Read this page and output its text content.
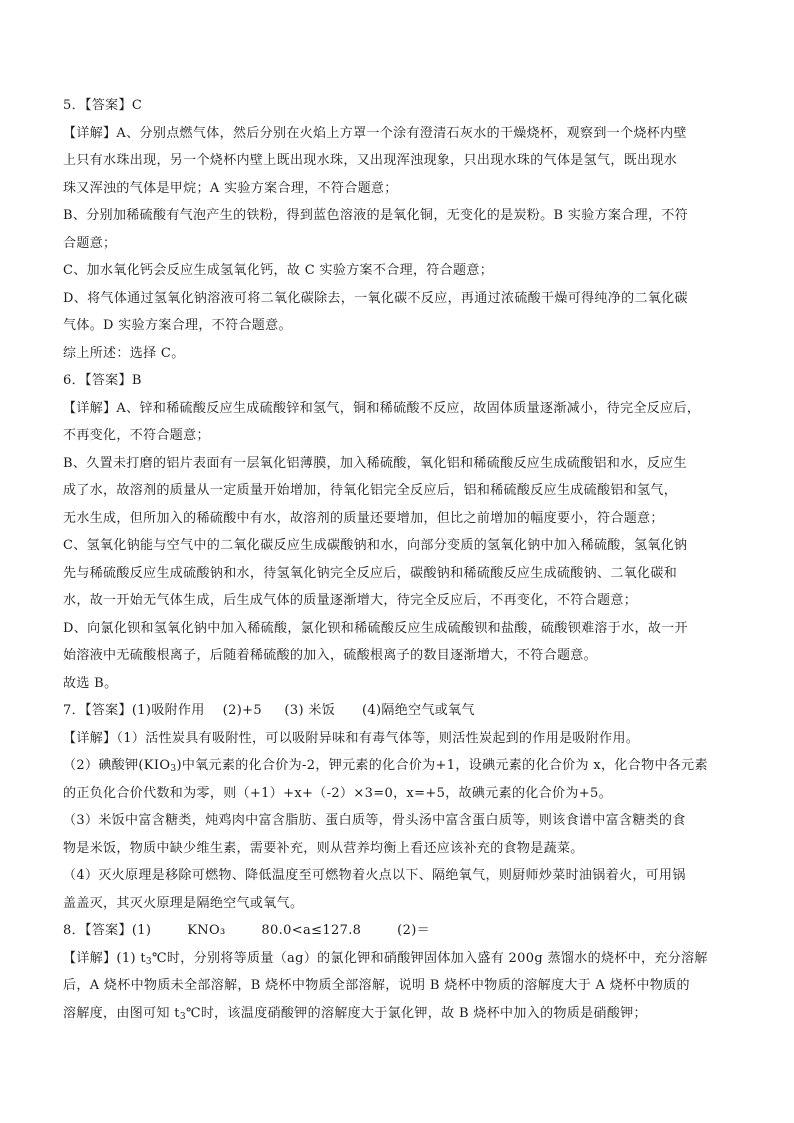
5．【答案】C
【详解】A、分别点燃气体，然后分别在火焰上方罩一个涂有澄清石灰水的干燥烧杯，观察到一个烧杯内壁
上只有水珠出现，另一个烧杯内壁上既出现水珠，又出现浑浊现象，只出现水珠的气体是氢气，既出现水
珠又浑浊的气体是甲烷；A 实验方案合理，不符合题意；
B、分别加稀硫酸有气泡产生的铁粉，得到蓝色溶液的是氧化铜，无变化的是炭粉。B 实验方案合理，不符
合题意；
C、加水氧化钙会反应生成氢氧化钙，故 C 实验方案不合理，符合题意；
D、将气体通过氢氧化钠溶液可将二氧化碳除去，一氧化碳不反应，再通过浓硫酸干燥可得纯净的二氧化碳
气体。D 实验方案合理，不符合题意。
综上所述：选择 C。
6．【答案】B
【详解】A、锌和稀硫酸反应生成硫酸锌和氢气，铜和稀硫酸不反应，故固体质量逐渐减小，待完全反应后，
不再变化，不符合题意；
B、久置未打磨的铝片表面有一层氧化铝薄膜，加入稀硫酸，氧化铝和稀硫酸反应生成硫酸铝和水，反应生
成了水，故溶剂的质量从一定质量开始增加，待氧化铝完全反应后，铝和稀硫酸反应生成硫酸铝和氢气，
无水生成，但所加入的稀硫酸中有水，故溶剂的质量还要增加，但比之前增加的幅度要小，符合题意；
C、氢氧化钠能与空气中的二氧化碳反应生成碳酸钠和水，向部分变质的氢氧化钠中加入稀硫酸，氢氧化钠
先与稀硫酸反应生成硫酸钠和水，待氢氧化钠完全反应后，碳酸钠和稀硫酸反应生成硫酸钠、二氧化碳和
水，故一开始无气体生成，后生成气体的质量逐渐增大，待完全反应后，不再变化，不符合题意；
D、向氯化钡和氢氧化钠中加入稀硫酸，氯化钡和稀硫酸反应生成硫酸钡和盐酸，硫酸钡难溶于水，故一开
始溶液中无硫酸根离子，后随着稀硫酸的加入，硫酸根离子的数目逐渐增大，不符合题意。
故选 B。
7．【答案】(1)吸附作用    (2)+5     (3) 米饭      (4)隔绝空气或氧气
【详解】（1）活性炭具有吸附性，可以吸附异味和有毒气体等，则活性炭起到的作用是吸附作用。
（2）碘酸钾$(KIO_3)$中氧元素的化合价为-2，钾元素的化合价为+1，设碘元素的化合价为 x，化合物中各元素
的正负化合价代数和为零，则（+1）+x+（-2）×3=0，x=+5，故碘元素的化合价为+5。
（3）米饭中富含糖类，炖鸡肉中富含脂肪、蛋白质等，骨头汤中富含蛋白质等，则该食谱中富含糖类的食
物是米饭，物质中缺少维生素，需要补充，则从营养均衡上看还应该补充的食物是蔬菜。
（4）灭火原理是移除可燃物、降低温度至可燃物着火点以下、隔绝氧气，则厨师炒菜时油锅着火，可用锅
盖盖灭，其灭火原理是隔绝空气或氧气。
8．【答案】(1)        KNO₃        80.0<a≤127.8        (2)＝
【详解】(1) $t_3℃$时，分别将等质量（ag）的氯化钾和硝酸钾固体加入盛有 200g 蒸馏水的烧杯中，充分溶解
后，A 烧杯中物质未全部溶解，B 烧杯中物质全部溶解，说明 B 烧杯中物质的溶解度大于 A 烧杯中物质的
溶解度，由图可知 $t_3℃$时，该温度硝酸钾的溶解度大于氯化钾，故 B 烧杯中加入的物质是硝酸钾；
